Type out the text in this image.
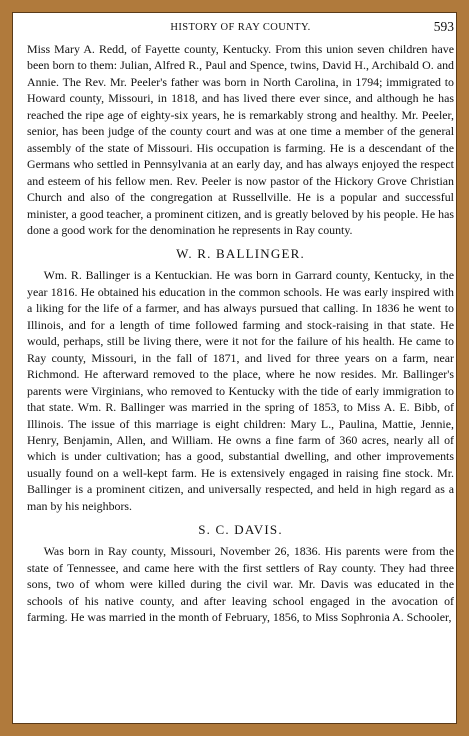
HISTORY OF RAY COUNTY.	593

Miss Mary A. Redd, of Fayette county, Kentucky. From this union seven children have been born to them: Julian, Alfred R., Paul and Spence, twins, David H., Archibald O. and Annie. The Rev. Mr. Peeler's father was born in North Carolina, in 1794; immigrated to Howard county, Missouri, in 1818, and has lived there ever since, and although he has reached the ripe age of eighty-six years, he is remarkably strong and healthy. Mr. Peeler, senior, has been judge of the county court and was at one time a member of the general assembly of the state of Missouri. His occupation is farming. He is a descendant of the Germans who settled in Pennsylvania at an early day, and has always enjoyed the respect and esteem of his fellow men. Rev. Peeler is now pastor of the Hickory Grove Christian Church and also of the congregation at Russellville. He is a popular and successful minister, a good teacher, a prominent citizen, and is greatly beloved by his people. He has done a good work for the denomination he represents in Ray county.

W. R. BALLINGER.

Wm. R. Ballinger is a Kentuckian. He was born in Garrard county, Kentucky, in the year 1816. He obtained his education in the common schools. He was early inspired with a liking for the life of a farmer, and has always pursued that calling. In 1836 he went to Illinois, and for a length of time followed farming and stock-raising in that state. He would, perhaps, still be living there, were it not for the failure of his health. He came to Ray county, Missouri, in the fall of 1871, and lived for three years on a farm, near Richmond. He afterward removed to the place, where he now resides. Mr. Ballinger's parents were Virginians, who removed to Kentucky with the tide of early immigration to that state. Wm. R. Ballinger was married in the spring of 1853, to Miss A. E. Bibb, of Illinois. The issue of this marriage is eight children: Mary L., Paulina, Mattie, Jennie, Henry, Benjamin, Allen, and William. He owns a fine farm of 360 acres, nearly all of which is under cultivation; has a good, substantial dwelling, and other improvements usually found on a well-kept farm. He is extensively engaged in raising fine stock. Mr. Ballinger is a prominent citizen, and universally respected, and held in high regard as a man by his neighbors.

S. C. DAVIS.

Was born in Ray county, Missouri, November 26, 1836. His parents were from the state of Tennessee, and came here with the first settlers of Ray county. They had three sons, two of whom were killed during the civil war. Mr. Davis was educated in the schools of his native county, and after leaving school engaged in the avocation of farming. He was married in the month of February, 1856, to Miss Sophronia A. Schooler,
